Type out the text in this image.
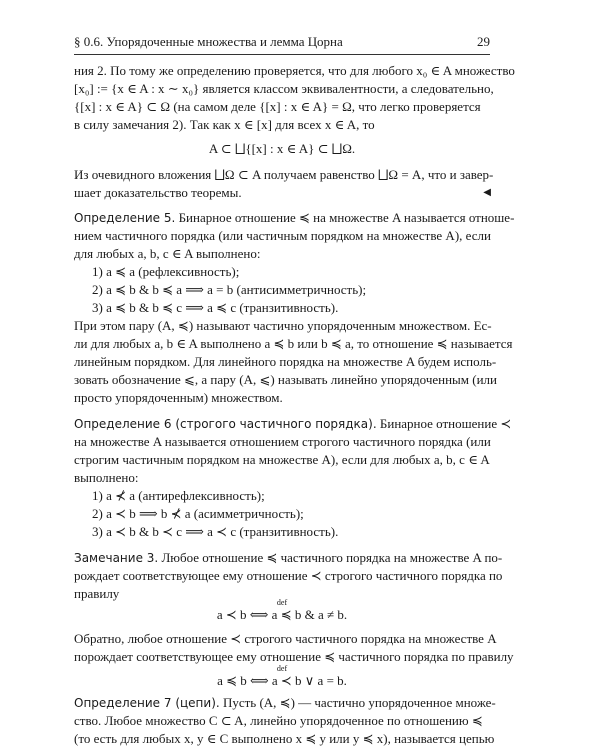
§ 0.6. Упорядоченные множества и лемма Цорна	29
ния 2. По тому же определению проверяется, что для любого x₀ ∈ A множество
[x₀] := {x ∈ A : x ∼ x₀} является классом эквивалентности, а следовательно,
{[x] : x ∈ A} ⊂ Ω (на самом деле {[x] : x ∈ A} = Ω, что легко проверяется
в силу замечания 2). Так как x ∈ [x] для всех x ∈ A, то
A ⊂ ⨆{[x] : x ∈ A} ⊂ ⨆Ω.
Из очевидного вложения ⨆Ω ⊂ A получаем равенство ⨆Ω = A, что и завер-
шает доказательство теоремы.	◀
Определение 5. Бинарное отношение ≼ на множестве A называется отноше-
нием частичного порядка (или частичным порядком на множестве A), если
для любых a, b, c ∈ A выполнено:
1) a ≼ a (рефлексивность);
2) a ≼ b & b ≼ a ⟹ a = b (антисимметричность);
3) a ≼ b & b ≼ c ⟹ a ≼ c (транзитивность).
При этом пару (A, ≼) называют частично упорядоченным множеством. Ес-
ли для любых a, b ∈ A выполнено a ≼ b или b ≼ a, то отношение ≼ называется
линейным порядком. Для линейного порядка на множестве A будем исполь-
зовать обозначение ⩽, а пару (A, ⩽) называть линейно упорядоченным (или
просто упорядоченным) множеством.
Определение 6 (строгого частичного порядка). Бинарное отношение ≺
на множестве A называется отношением строгого частичного порядка (или
строгим частичным порядком на множестве A), если для любых a, b, c ∈ A
выполнено:
1) a ⊀ a (антирефлексивность);
2) a ≺ b ⟹ b ⊀ a (асимметричность);
3) a ≺ b & b ≺ c ⟹ a ≺ c (транзитивность).
Замечание 3. Любое отношение ≼ частичного порядка на множестве A по-
рождает соответствующее ему отношение ≺ строгого частичного порядка по
правилу
def
a ≺ b ⟺ a ≼ b & a ≠ b.
Обратно, любое отношение ≺ строгого частичного порядка на множестве A
порождает соответствующее ему отношение ≼ частичного порядка по правилу
def
a ≼ b ⟺ a ≺ b ∨ a = b.
Определение 7 (цепи). Пусть (A, ≼) — частично упорядоченное множе-
ство. Любое множество C ⊂ A, линейно упорядоченное по отношению ≼
(то есть для любых x, y ∈ C выполнено x ≼ y или y ≼ x), называется цепью
